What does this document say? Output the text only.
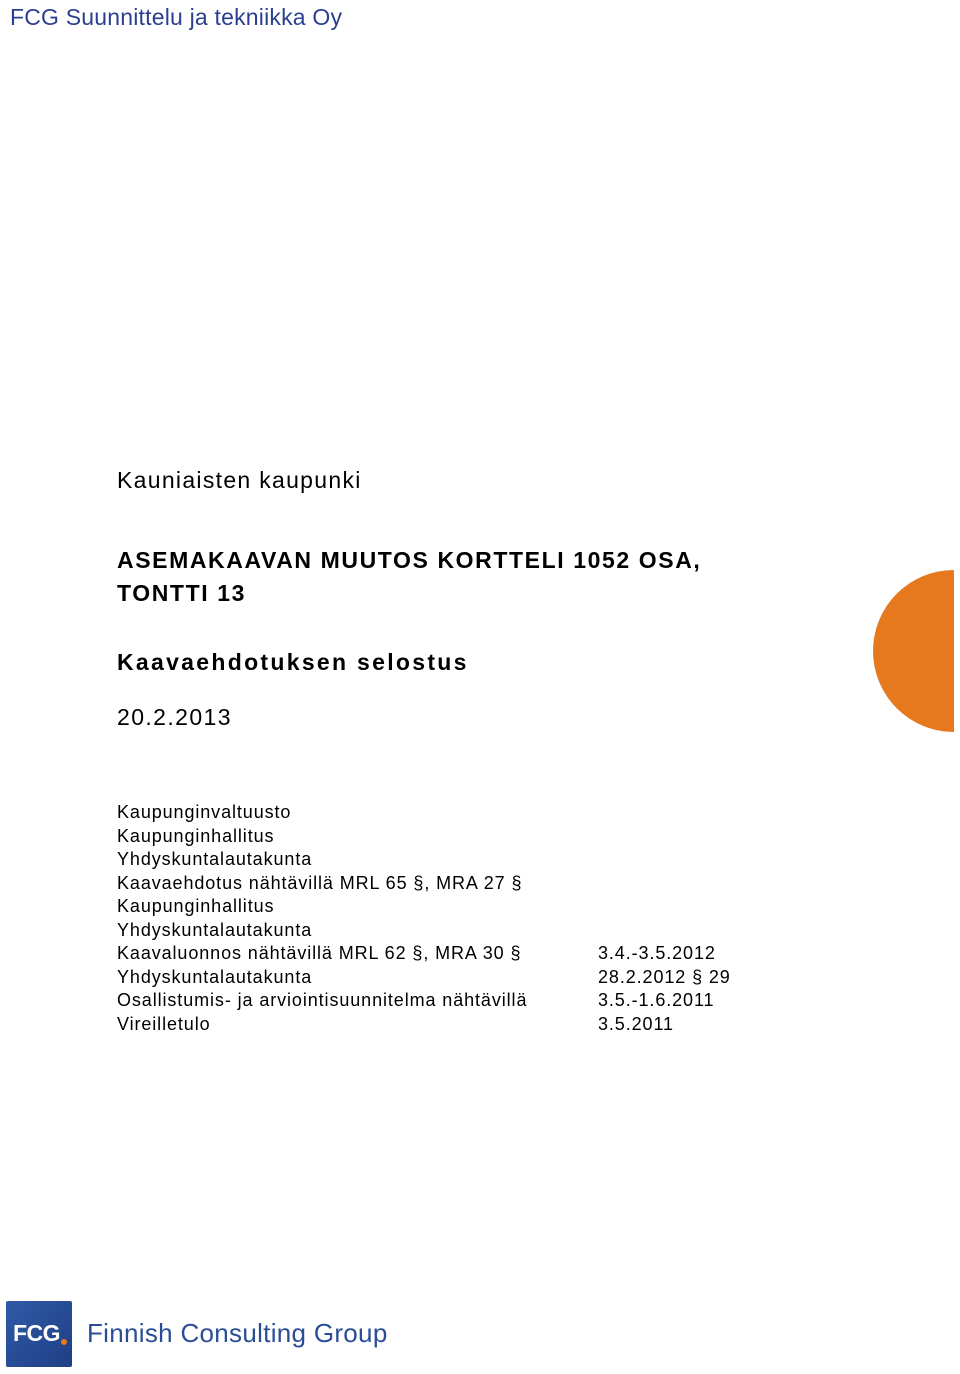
FCG Suunnittelu ja tekniikka Oy
Kauniaisten kaupunki
ASEMAKAAVAN MUUTOS KORTTELI 1052 OSA,
TONTTI 13
Kaavaehdotuksen selostus
20.2.2013
Kaupunginvaltuusto
Kaupunginhallitus
Yhdyskuntalautakunta
Kaavaehdotus nähtävillä MRL 65 §, MRA 27 §
Kaupunginhallitus
Yhdyskuntalautakunta
Kaavaluonnos nähtävillä MRL 62 §, MRA 30 §	3.4.-3.5.2012
Yhdyskuntalautakunta	28.2.2012 § 29
Osallistumis- ja arviointisuunnitelma nähtävillä	3.5.-1.6.2011
Vireilletulo	3.5.2011
FCG Finnish Consulting Group
